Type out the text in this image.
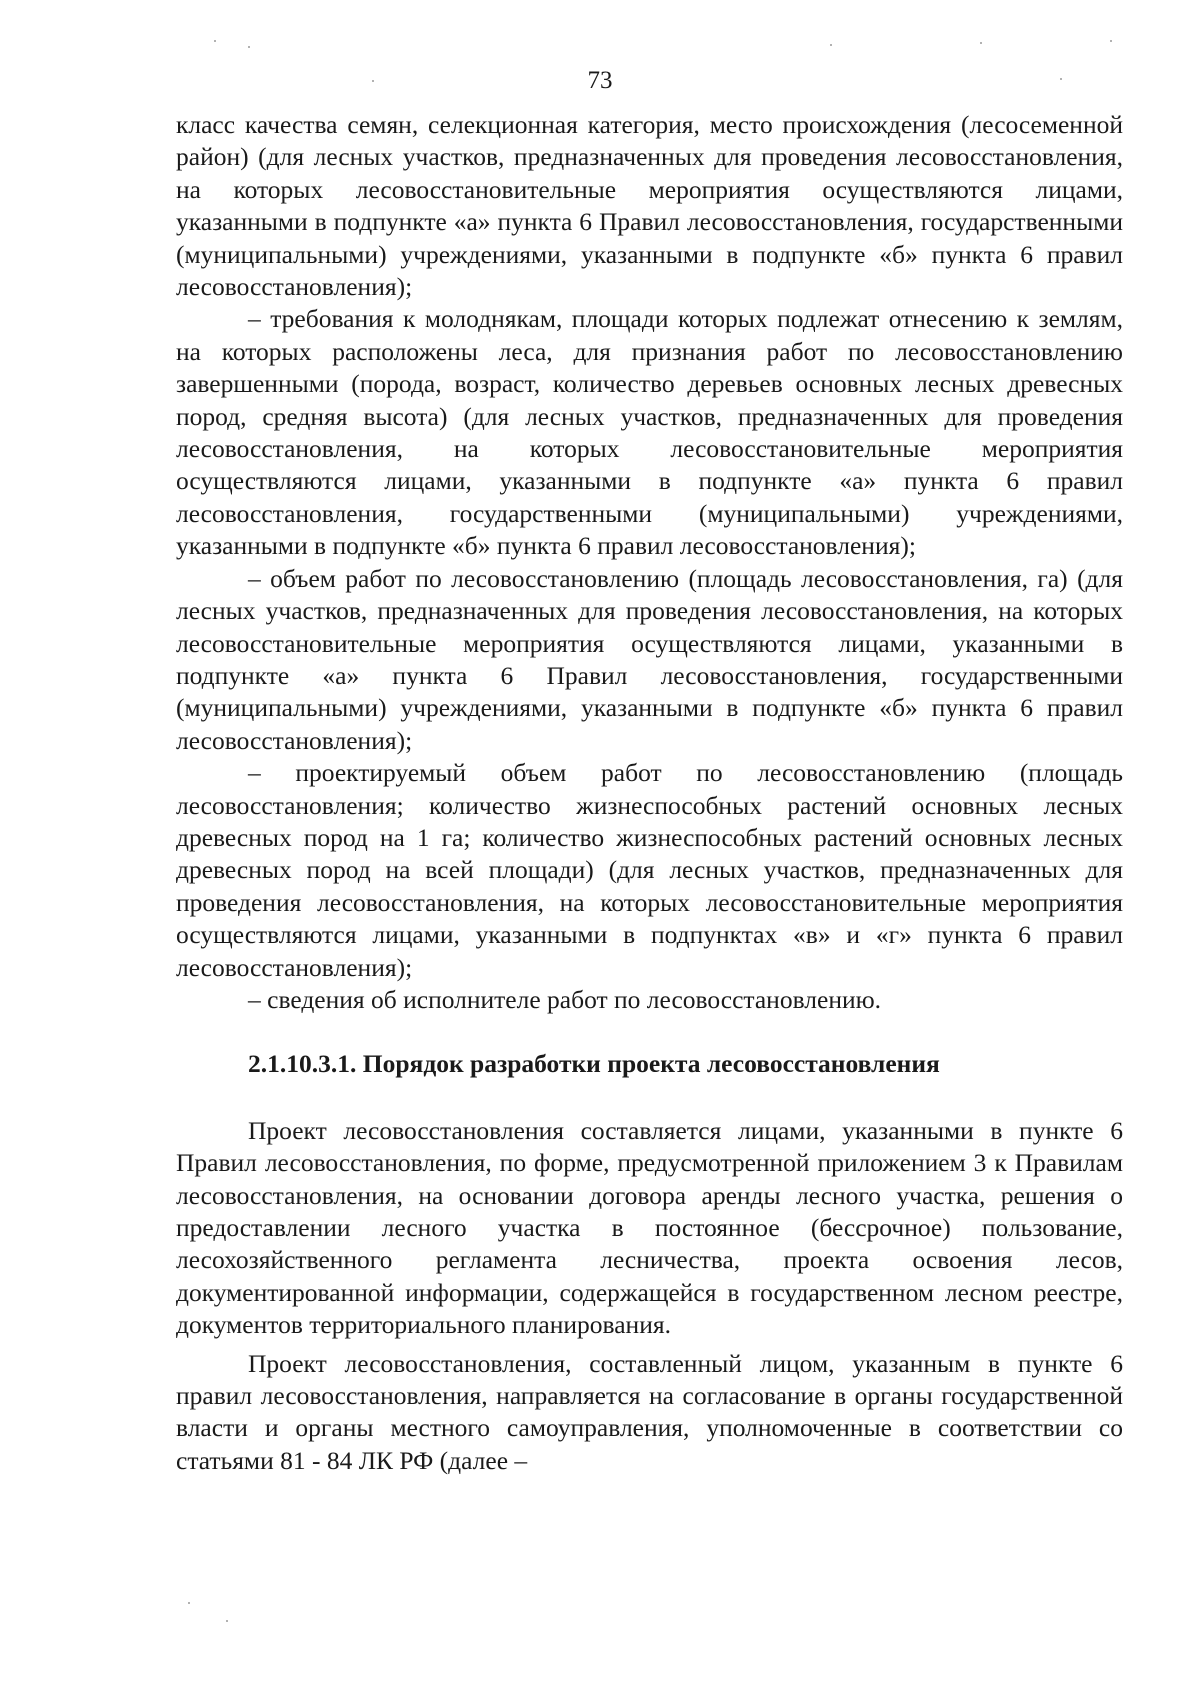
73

класс качества семян, селекционная категория, место происхождения (лесосеменной район) (для лесных участков, предназначенных для проведения лесовосстановления, на которых лесовосстановительные мероприятия осуществляются лицами, указанными в подпункте «а» пункта 6 Правил лесовосстановления, государственными (муниципальными) учреждениями, указанными в подпункте «б» пункта 6 правил лесовосстановления);

– требования к молоднякам, площади которых подлежат отнесению к землям, на которых расположены леса, для признания работ по лесовосстановлению завершенными (порода, возраст, количество деревьев основных лесных древесных пород, средняя высота) (для лесных участков, предназначенных для проведения лесовосстановления, на которых лесовосстановительные мероприятия осуществляются лицами, указанными в подпункте «а» пункта 6 правил лесовосстановления, государственными (муниципальными) учреждениями, указанными в подпункте «б» пункта 6 правил лесовосстановления);

– объем работ по лесовосстановлению (площадь лесовосстановления, га) (для лесных участков, предназначенных для проведения лесовосстановления, на которых лесовосстановительные мероприятия осуществляются лицами, указанными в подпункте «а» пункта 6 Правил лесовосстановления, государственными (муниципальными) учреждениями, указанными в подпункте «б» пункта 6 правил лесовосстановления);

– проектируемый объем работ по лесовосстановлению (площадь лесовосстановления; количество жизнеспособных растений основных лесных древесных пород на 1 га; количество жизнеспособных растений основных лесных древесных пород на всей площади) (для лесных участков, предназначенных для проведения лесовосстановления, на которых лесовосстановительные мероприятия осуществляются лицами, указанными в подпунктах «в» и «г» пункта 6 правил лесовосстановления);

– сведения об исполнителе работ по лесовосстановлению.

2.1.10.3.1. Порядок разработки проекта лесовосстановления

Проект лесовосстановления составляется лицами, указанными в пункте 6 Правил лесовосстановления, по форме, предусмотренной приложением 3 к Правилам лесовосстановления, на основании договора аренды лесного участка, решения о предоставлении лесного участка в постоянное (бессрочное) пользование, лесохозяйственного регламента лесничества, проекта освоения лесов, документированной информации, содержащейся в государственном лесном реестре, документов территориального планирования.

Проект лесовосстановления, составленный лицом, указанным в пункте 6 правил лесовосстановления, направляется на согласование в органы государственной власти и органы местного самоуправления, уполномоченные в соответствии со статьями 81 - 84 ЛК РФ (далее –
